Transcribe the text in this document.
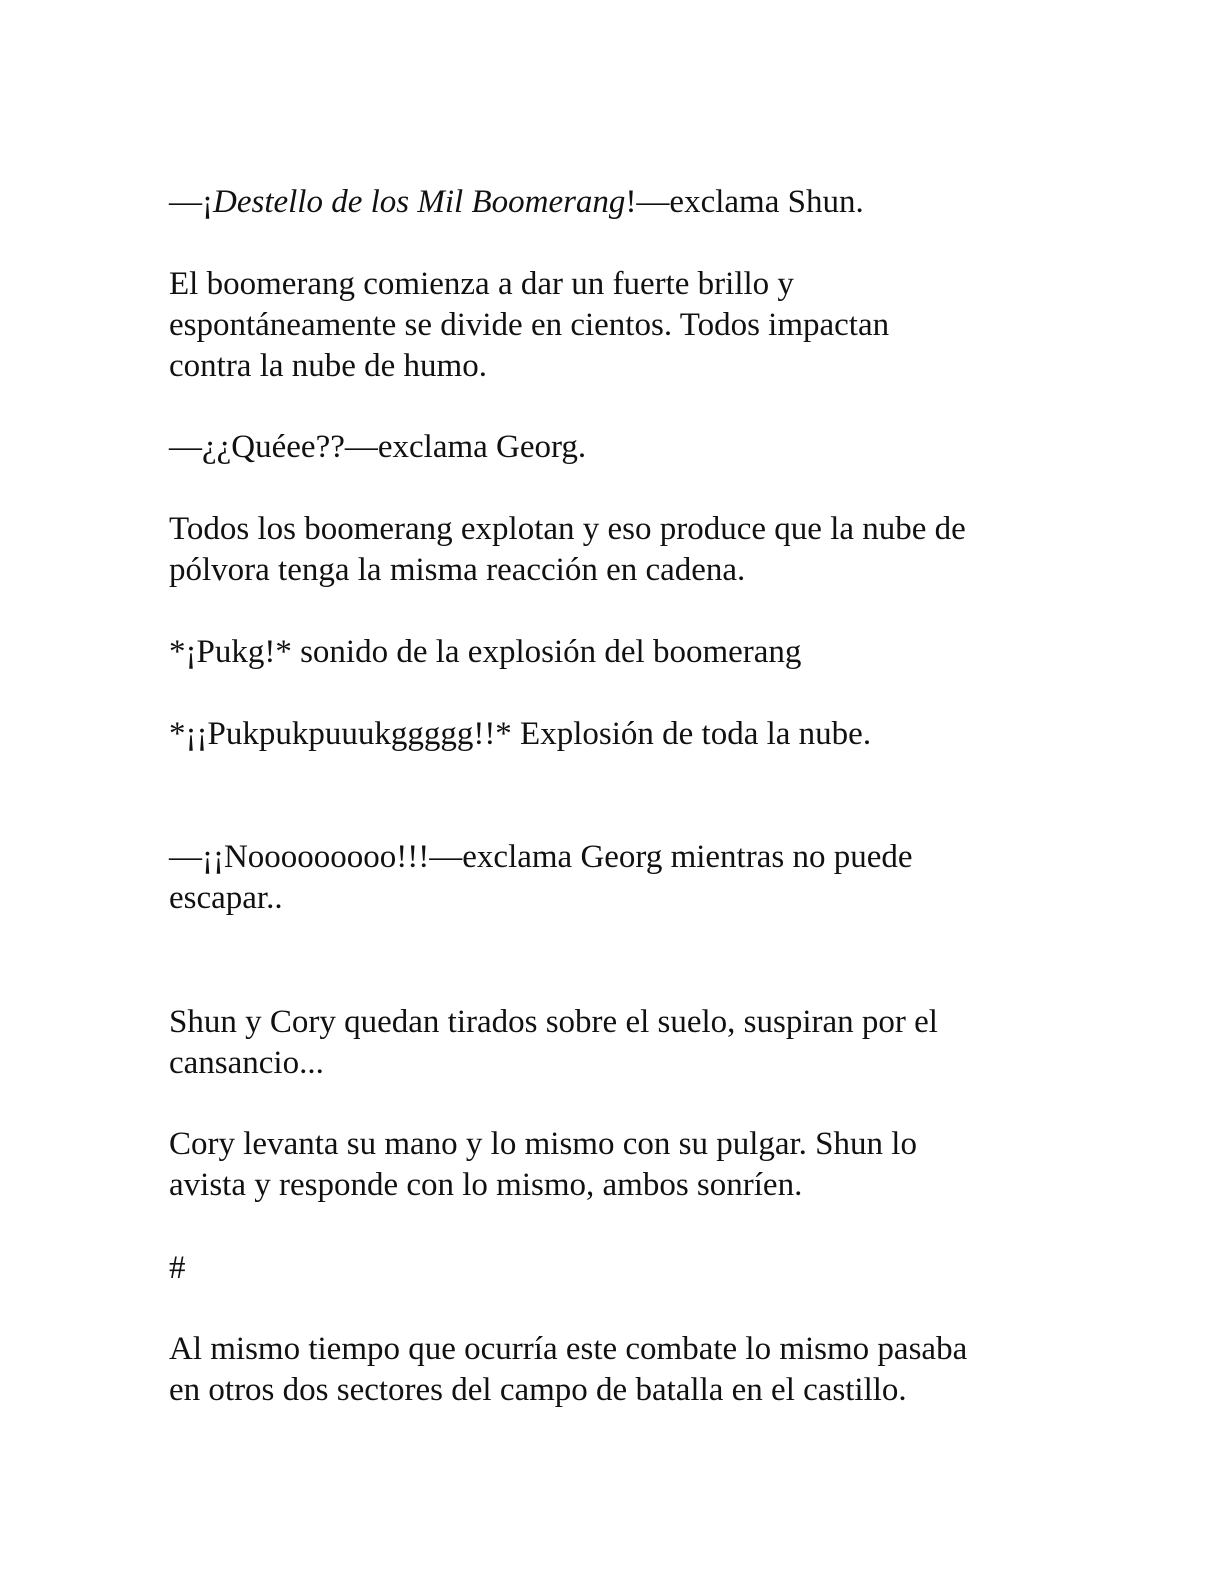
—¡Destello de los Mil Boomerang!—exclama Shun.

El boomerang comienza a dar un fuerte brillo y
espontáneamente se divide en cientos. Todos impactan
contra la nube de humo.

—¿¿Quéee??—exclama Georg.

Todos los boomerang explotan y eso produce que la nube de
pólvora tenga la misma reacción en cadena.

*¡Pukg!* sonido de la explosión del boomerang

*¡¡Pukpukpuuukggggg!!* Explosión de toda la nube.

—¡¡Nooooooooo!!!—exclama Georg mientras no puede
escapar..

Shun y Cory quedan tirados sobre el suelo, suspiran por el
cansancio...

Cory levanta su mano y lo mismo con su pulgar. Shun lo
avista y responde con lo mismo, ambos sonríen.

#

Al mismo tiempo que ocurría este combate lo mismo pasaba
en otros dos sectores del campo de batalla en el castillo.
